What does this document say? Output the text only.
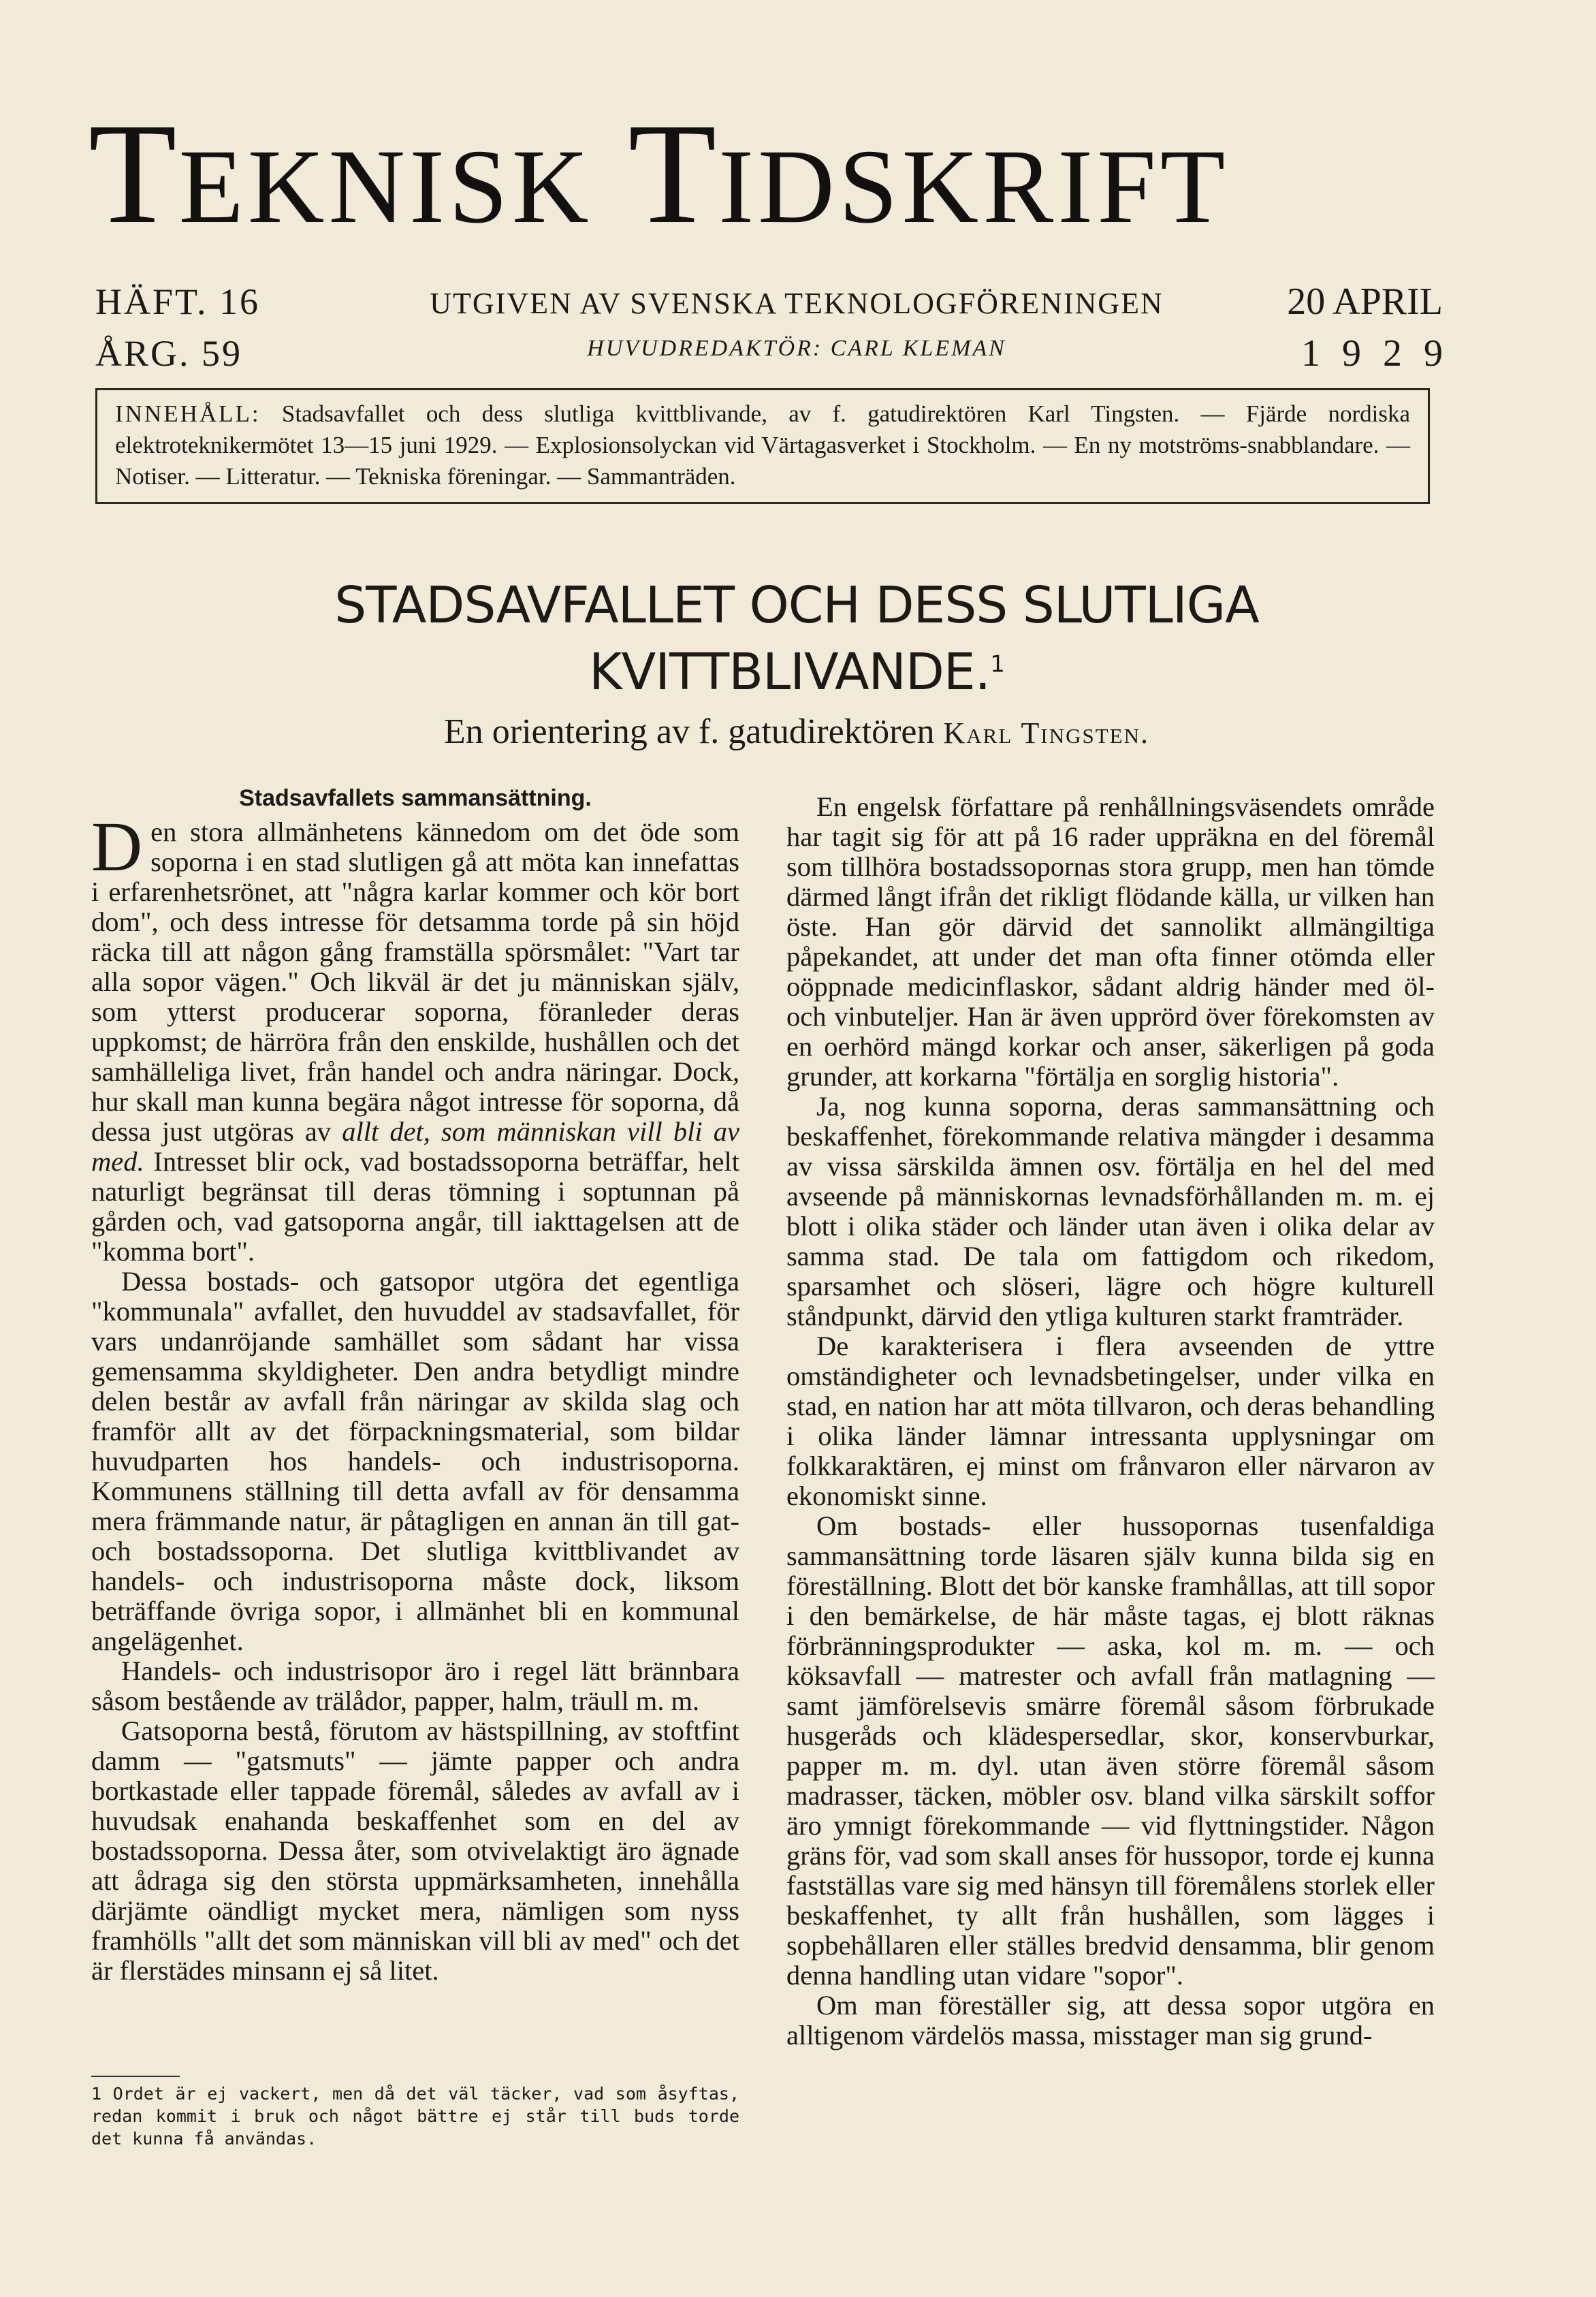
TEKNISK TIDSKRIFT
HÄFT. 16
ÅRG. 59
UTGIVEN AV SVENSKA TEKNOLOGFÖRENINGEN
HUVUDREDAKTÖR: CARL KLEMAN
20 APRIL
1929
INNEHÅLL: Stadsavfallet och dess slutliga kvittblivande, av f. gatudirektören Karl Tingsten. — Fjärde nordiska elektroteknikermötet 13—15 juni 1929. — Explosionsolyckan vid Värtagasverket i Stockholm. — En ny motströms-snabblandare. — Notiser. — Litteratur. — Tekniska föreningar. — Sammanträden.
STADSAVFALLET OCH DESS SLUTLIGA
KVITTBLIVANDE.$^1$
En orientering av f. gatudirektören Karl Tingsten.
Stadsavfallets sammansättning.

Den stora allmänhetens kännedom om det öde som soporna i en stad slutligen gå att möta kan innefattas i erfarenhetsrönet, att "några karlar kommer och kör bort dom", och dess intresse för detsamma torde på sin höjd räcka till att någon gång framställa spörsmålet: "Vart tar alla sopor vägen." Och likväl är det ju människan själv, som ytterst producerar soporna, föranleder deras uppkomst; de härröra från den enskilde, hushållen och det samhälleliga livet, från handel och andra näringar. Dock, hur skall man kunna begära något intresse för soporna, då dessa just utgöras av allt det, som människan vill bli av med. Intresset blir ock, vad bostadssoporna beträffar, helt naturligt begränsat till deras tömning i soptunnan på gården och, vad gatsoporna angår, till iakttagelsen att de "komma bort".

Dessa bostads- och gatsopor utgöra det egentliga "kommunala" avfallet, den huvuddel av stadsavfallet, för vars undanröjande samhället som sådant har vissa gemensamma skyldigheter. Den andra betydligt mindre delen består av avfall från näringar av skilda slag och framför allt av det förpackningsmaterial, som bildar huvudparten hos handels- och industrisoporna. Kommunens ställning till detta avfall av för densamma mera främmande natur, är påtagligen en annan än till gat- och bostadssoporna. Det slutliga kvittblivandet av handels- och industrisoporna måste dock, liksom beträffande övriga sopor, i allmänhet bli en kommunal angelägenhet.

Handels- och industrisopor äro i regel lätt brännbara såsom bestående av trälådor, papper, halm, träull m. m.

Gatsoporna bestå, förutom av hästspillning, av stoftfint damm — "gatsmuts" — jämte papper och andra bortkastade eller tappade föremål, således av avfall av i huvudsak enahanda beskaffenhet som en del av bostadssoporna. Dessa åter, som otvivelaktigt äro ägnade att ådraga sig den största uppmärksamheten, innehålla därjämte oändligt mycket mera, nämligen som nyss framhölls "allt det som människan vill bli av med" och det är flerstädes minsann ej så litet.

En engelsk författare på renhållningsväsendets område har tagit sig för att på 16 rader uppräkna en del föremål som tillhöra bostadssopornas stora grupp, men han tömde därmed långt ifrån det rikligt flödande källa, ur vilken han öste. Han gör därvid det sannolikt allmängiltiga påpekandet, att under det man ofta finner otömda eller oöppnade medicinflaskor, sådant aldrig händer med öl- och vinbuteljer. Han är även upprörd över förekomsten av en oerhörd mängd korkar och anser, säkerligen på goda grunder, att korkarna "förtälja en sorglig historia".

Ja, nog kunna soporna, deras sammansättning och beskaffenhet, förekommande relativa mängder i desamma av vissa särskilda ämnen osv. förtälja en hel del med avseende på människornas levnadsförhållanden m. m. ej blott i olika städer och länder utan även i olika delar av samma stad. De tala om fattigdom och rikedom, sparsamhet och slöseri, lägre och högre kulturell ståndpunkt, därvid den ytliga kulturen starkt framträder.

De karakterisera i flera avseenden de yttre omständigheter och levnadsbetingelser, under vilka en stad, en nation har att möta tillvaron, och deras behandling i olika länder lämnar intressanta upplysningar om folkkaraktären, ej minst om frånvaron eller närvaron av ekonomiskt sinne.

Om bostads- eller hussopornas tusenfaldiga sammansättning torde läsaren själv kunna bilda sig en föreställning. Blott det bör kanske framhållas, att till sopor i den bemärkelse, de här måste tagas, ej blott räknas förbränningsprodukter — aska, kol m. m. — och köksavfall — matrester och avfall från matlagning — samt jämförelsevis smärre föremål såsom förbrukade husgeråds och klädespersedlar, skor, konservburkar, papper m. m. dyl. utan även större föremål såsom madrasser, täcken, möbler osv. bland vilka särskilt soffor äro ymnigt förekommande — vid flyttningstider. Någon gräns för, vad som skall anses för hussopor, torde ej kunna fastställas vare sig med hänsyn till föremålens storlek eller beskaffenhet, ty allt från hushållen, som lägges i sopbehållaren eller ställes bredvid densamma, blir genom denna handling utan vidare "sopor".

Om man föreställer sig, att dessa sopor utgöra en alltigenom värdelös massa, misstager man sig grund-

1 Ordet är ej vackert, men då det väl täcker, vad som åsyftas, redan kommit i bruk och något bättre ej står till buds torde det kunna få användas.
